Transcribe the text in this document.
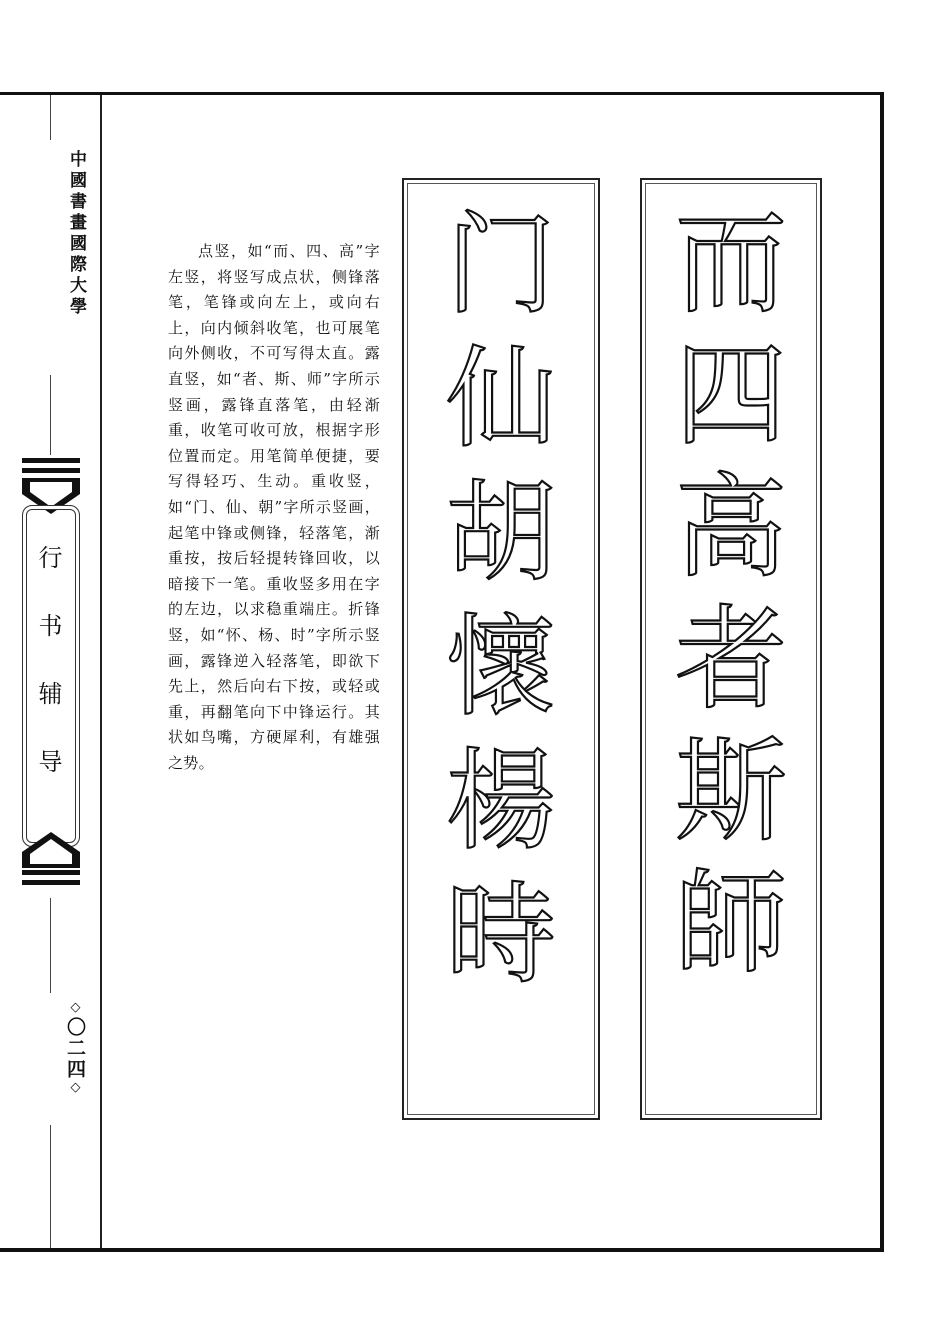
中國書畫國際大學
行书辅导
◇〇二四◇

点竖，如“而、四、高”字左竖，将竖写成点状，侧锋落笔，笔锋或向左上，或向右上，向内倾斜收笔，也可展笔向外侧收，不可写得太直。露直竖，如“者、斯、师”字所示竖画，露锋直落笔，由轻渐重，收笔可收可放，根据字形位置而定。用笔简单便捷，要写得轻巧、生动。重收竖，如“门、仙、朝”字所示竖画，起笔中锋或侧锋，轻落笔，渐重按，按后轻提转锋回收，以暗接下一笔。重收竖多用在字的左边，以求稳重端庄。折锋竖，如“怀、杨、时”字所示竖画，露锋逆入轻落笔，即欲下先上，然后向右下按，或轻或重，再翻笔向下中锋运行。其状如鸟嘴，方硬犀利，有雄强之势。

门
仙
胡
懷
楊
時
而
四
高
者
斯
師
